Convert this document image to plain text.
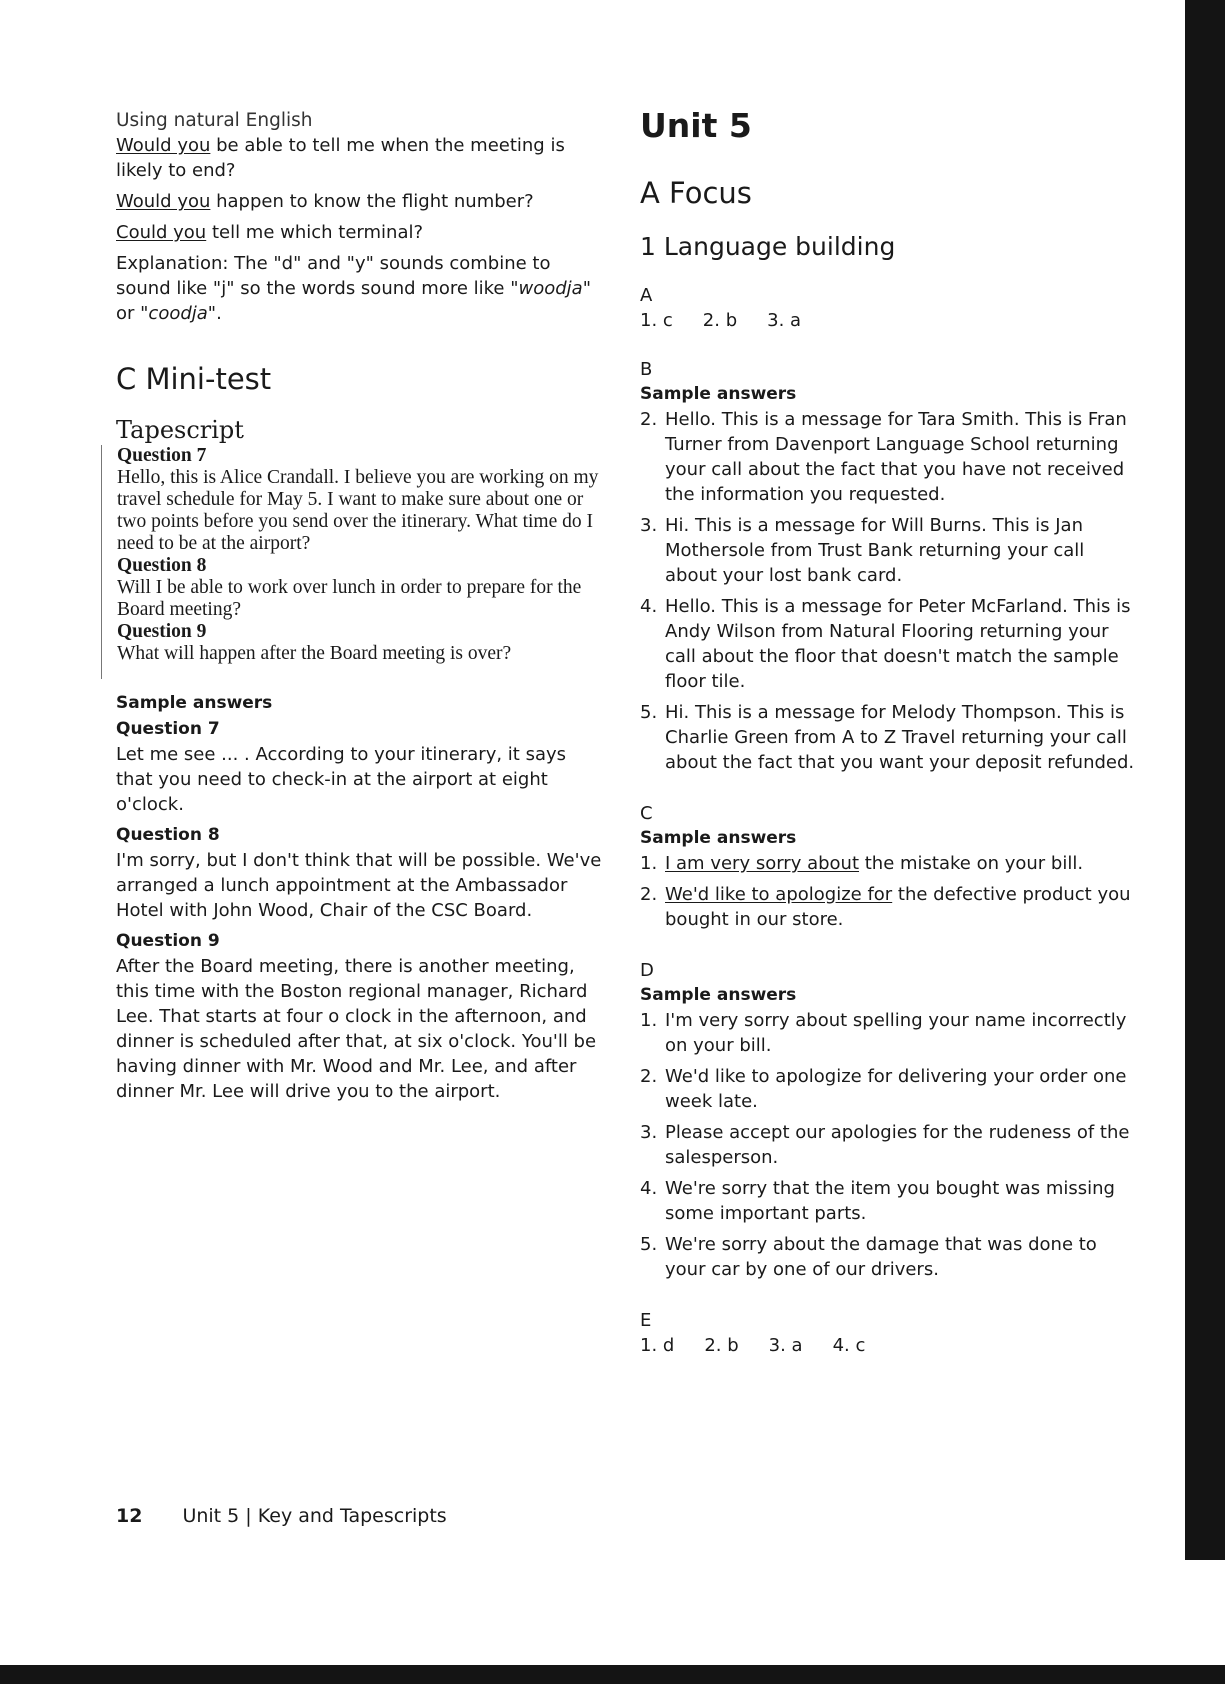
Using natural English

Would you be able to tell me when the meeting is likely to end?

Would you happen to know the flight number?

Could you tell me which terminal?

Explanation: The "d" and "y" sounds combine to sound like "j" so the words sound more like "woodja" or "coodja".

C Mini-test
Tapescript
Question 7
Hello, this is Alice Crandall. I believe you are working on my travel schedule for May 5. I want to make sure about one or two points before you send over the itinerary. What time do I need to be at the airport?
Question 8
Will I be able to work over lunch in order to prepare for the Board meeting?
Question 9
What will happen after the Board meeting is over?

Sample answers

Question 7

Let me see ... . According to your itinerary, it says that you need to check-in at the airport at eight o'clock.

Question 8

I'm sorry, but I don't think that will be possible. We've arranged a lunch appointment at the Ambassador Hotel with John Wood, Chair of the CSC Board.

Question 9

After the Board meeting, there is another meeting, this time with the Boston regional manager, Richard Lee. That starts at four o clock in the afternoon, and dinner is scheduled after that, at six o'clock. You'll be having dinner with Mr. Wood and Mr. Lee, and after dinner Mr. Lee will drive you to the airport.

Unit 5
A Focus
1 Language building

A

1. c 2. b 3. a

B

Sample answers

2. Hello. This is a message for Tara Smith. This is Fran Turner from Davenport Language School returning your call about the fact that you have not received the information you requested.
3. Hi. This is a message for Will Burns. This is Jan Mothersole from Trust Bank returning your call about your lost bank card.
4. Hello. This is a message for Peter McFarland. This is Andy Wilson from Natural Flooring returning your call about the floor that doesn't match the sample floor tile.
5. Hi. This is a message for Melody Thompson. This is Charlie Green from A to Z Travel returning your call about the fact that you want your deposit refunded.

C

Sample answers

1. I am very sorry about the mistake on your bill.
2. We'd like to apologize for the defective product you bought in our store.

D

Sample answers

1. I'm very sorry about spelling your name incorrectly on your bill.
2. We'd like to apologize for delivering your order one week late.
3. Please accept our apologies for the rudeness of the salesperson.
4. We're sorry that the item you bought was missing some important parts.
5. We're sorry about the damage that was done to your car by one of our drivers.

E

1. d 2. b 3. a 4. c
12 Unit 5 | Key and Tapescripts
